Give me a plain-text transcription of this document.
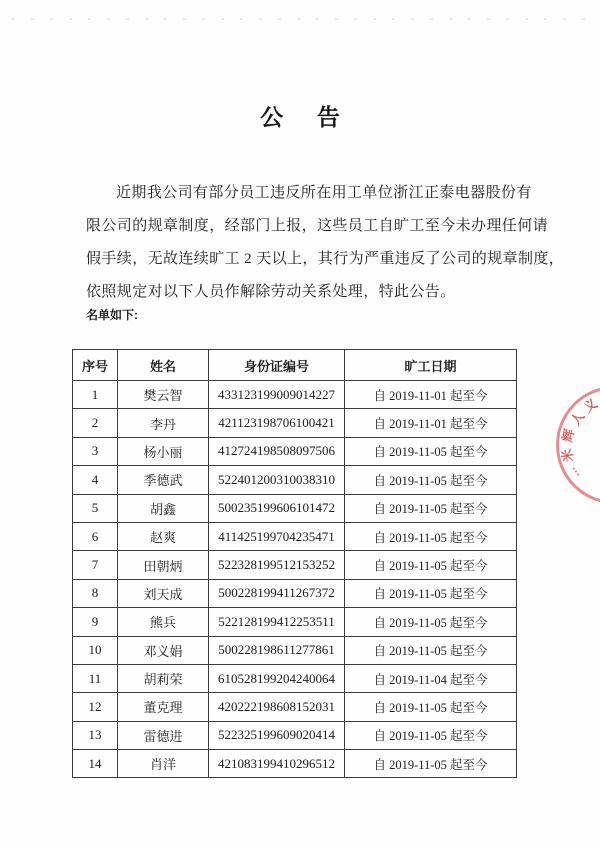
公 告
近期我公司有部分员工违反所在用工单位浙江正泰电器股份有
限公司的规章制度，经部门上报，这些员工自旷工至今未办理任何请
假手续，无故连续旷工 2 天以上，其行为严重违反了公司的规章制度，
依照规定对以下人员作解除劳动关系处理，特此公告。
名单如下:
序号	姓名	身份证编号	旷工日期
1	樊云智	433123199009014227	自 2019-11-01 起至今
2	李丹	421123198706100421	自 2019-11-01 起至今
3	杨小丽	412724198508097506	自 2019-11-05 起至今
4	季德武	522401200310038310	自 2019-11-05 起至今
5	胡鑫	500235199606101472	自 2019-11-05 起至今
6	赵爽	411425199704235471	自 2019-11-05 起至今
7	田朝炳	522328199512153252	自 2019-11-05 起至今
8	刘天成	500228199411267372	自 2019-11-05 起至今
9	熊兵	522128199412253511	自 2019-11-05 起至今
10	邓义娟	500228198611277861	自 2019-11-05 起至今
11	胡莉荣	610528199204240064	自 2019-11-04 起至今
12	董克理	420222198608152031	自 2019-11-05 起至今
13	雷德进	522325199609020414	自 2019-11-05 起至今
14	肖洋	421083199410296512	自 2019-11-05 起至今
义
人
辉
米
…
